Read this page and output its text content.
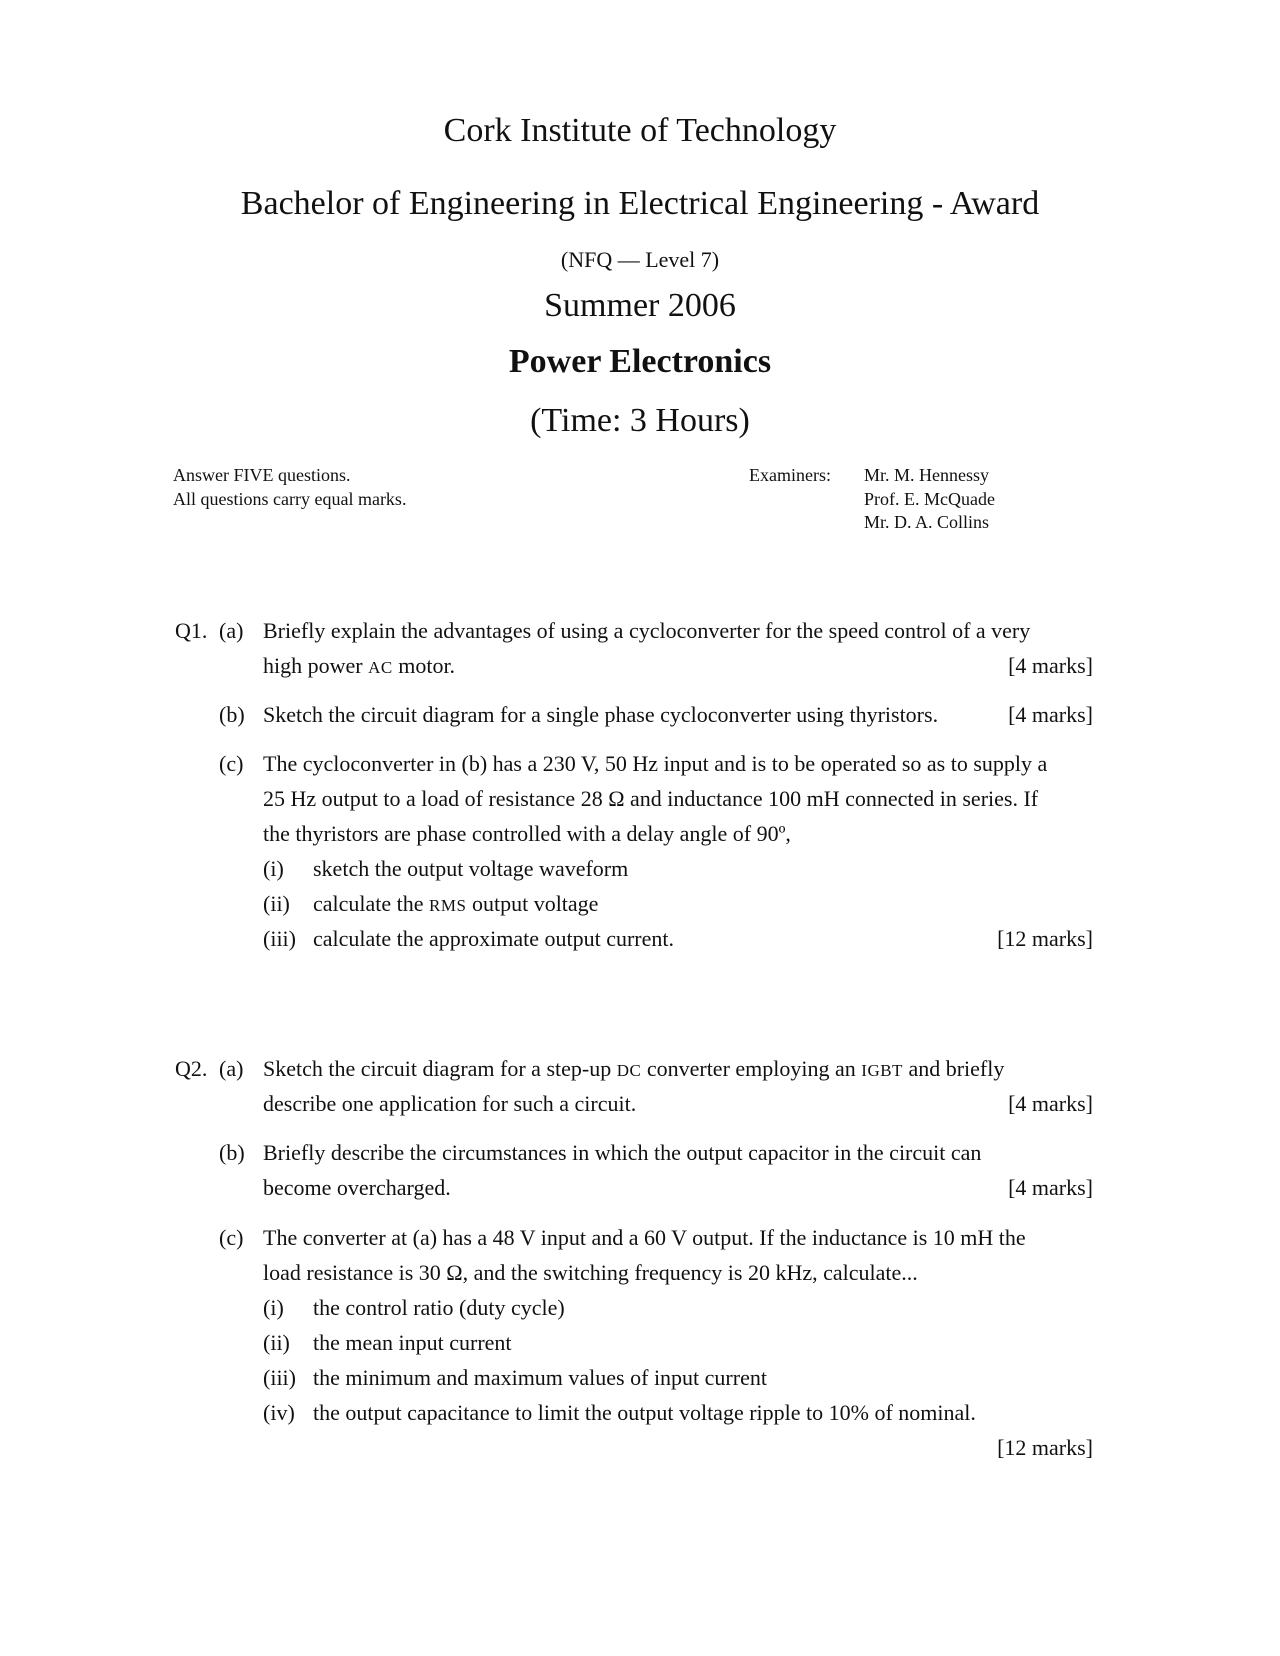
Cork Institute of Technology
Bachelor of Engineering in Electrical Engineering - Award
(NFQ — Level 7)
Summer 2006
Power Electronics
(Time: 3 Hours)
Answer FIVE questions.
All questions carry equal marks.
Examiners: Mr. M. Hennessy
Prof. E. McQuade
Mr. D. A. Collins
Q1. (a) Briefly explain the advantages of using a cycloconverter for the speed control of a very
high power AC motor.	[4 marks]
(b) Sketch the circuit diagram for a single phase cycloconverter using thyristors.	[4 marks]
(c) The cycloconverter in (b) has a 230 V, 50 Hz input and is to be operated so as to supply a
25 Hz output to a load of resistance 28 Ω and inductance 100 mH connected in series. If
the thyristors are phase controlled with a delay angle of 90º,
(i) sketch the output voltage waveform
(ii) calculate the RMS output voltage
(iii) calculate the approximate output current.	[12 marks]
Q2. (a) Sketch the circuit diagram for a step-up DC converter employing an IGBT and briefly
describe one application for such a circuit.	[4 marks]
(b) Briefly describe the circumstances in which the output capacitor in the circuit can
become overcharged.	[4 marks]
(c) The converter at (a) has a 48 V input and a 60 V output. If the inductance is 10 mH the
load resistance is 30 Ω, and the switching frequency is 20 kHz, calculate...
(i) the control ratio (duty cycle)
(ii) the mean input current
(iii) the minimum and maximum values of input current
(iv) the output capacitance to limit the output voltage ripple to 10% of nominal.
[12 marks]
